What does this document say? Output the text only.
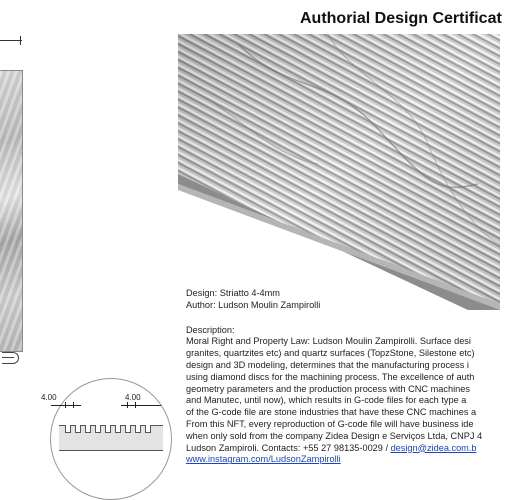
Authorial Design Certificat
4.00	4.00
Design: Striatto 4-4mm
Author: Ludson Moulin Zampirolli
Description:
Moral Right and Property Law: Ludson Moulin Zampirolli. Surface desi
granites, quartzites etc) and quartz surfaces (TopzStone, Silestone etc)
design and 3D modeling, determines that the manufacturing process i
using diamond discs for the machining process. The excellence of auth
geometry parameters and the production process with CNC machines
and Manutec, until now), which results in G-code files for each type a
of the G-code file are stone industries that have these CNC machines a
From this NFT, every reproduction of G-code file will have business ide
when only sold from the company Zidea Design e Serviços Ltda, CNPJ 4
Ludson Zampiroli. Contacts: +55 27 98135-0029 / design@zidea.com.b
www.instagram.com/LudsonZampirolli
